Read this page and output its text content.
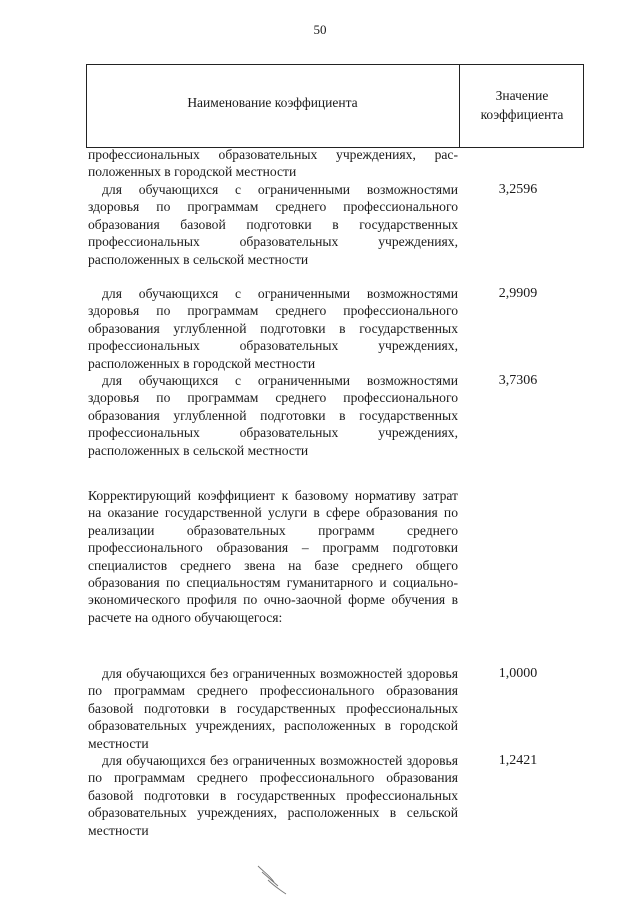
50
Наименование коэффициента	Значение
коэффициента

профессиональных образовательных учреждениях, рас-положенных в городской местности

для обучающихся с ограниченными возможностями здоровья по программам среднего профессионального образования базовой подготовки в государственных профессиональных образовательных учреждениях, расположенных в сельской местности

3,2596

для обучающихся с ограниченными возможностями здоровья по программам среднего профессионального образования углубленной подготовки в государственных профессиональных образовательных учреждениях, расположенных в городской местности

2,9909

для обучающихся с ограниченными возможностями здоровья по программам среднего профессионального образования углубленной подготовки в государственных профессиональных образовательных учреждениях, расположенных в сельской местности

3,7306

Корректирующий коэффициент к базовому нормативу затрат на оказание государственной услуги в сфере образования по реализации образовательных программ среднего профессионального образования – программ подготовки специалистов среднего звена на базе среднего общего образования по специальностям гуманитарного и социально-экономического профиля по очно-заочной форме обучения в расчете на одного обучающегося:

для обучающихся без ограниченных возможностей здоровья по программам среднего профессионального образования базовой подготовки в государственных профессиональных образовательных учреждениях, расположенных в городской местности

1,0000

для обучающихся без ограниченных возможностей здоровья по программам среднего профессионального образования базовой подготовки в государственных профессиональных образовательных учреждениях, расположенных в сельской местности

1,2421
